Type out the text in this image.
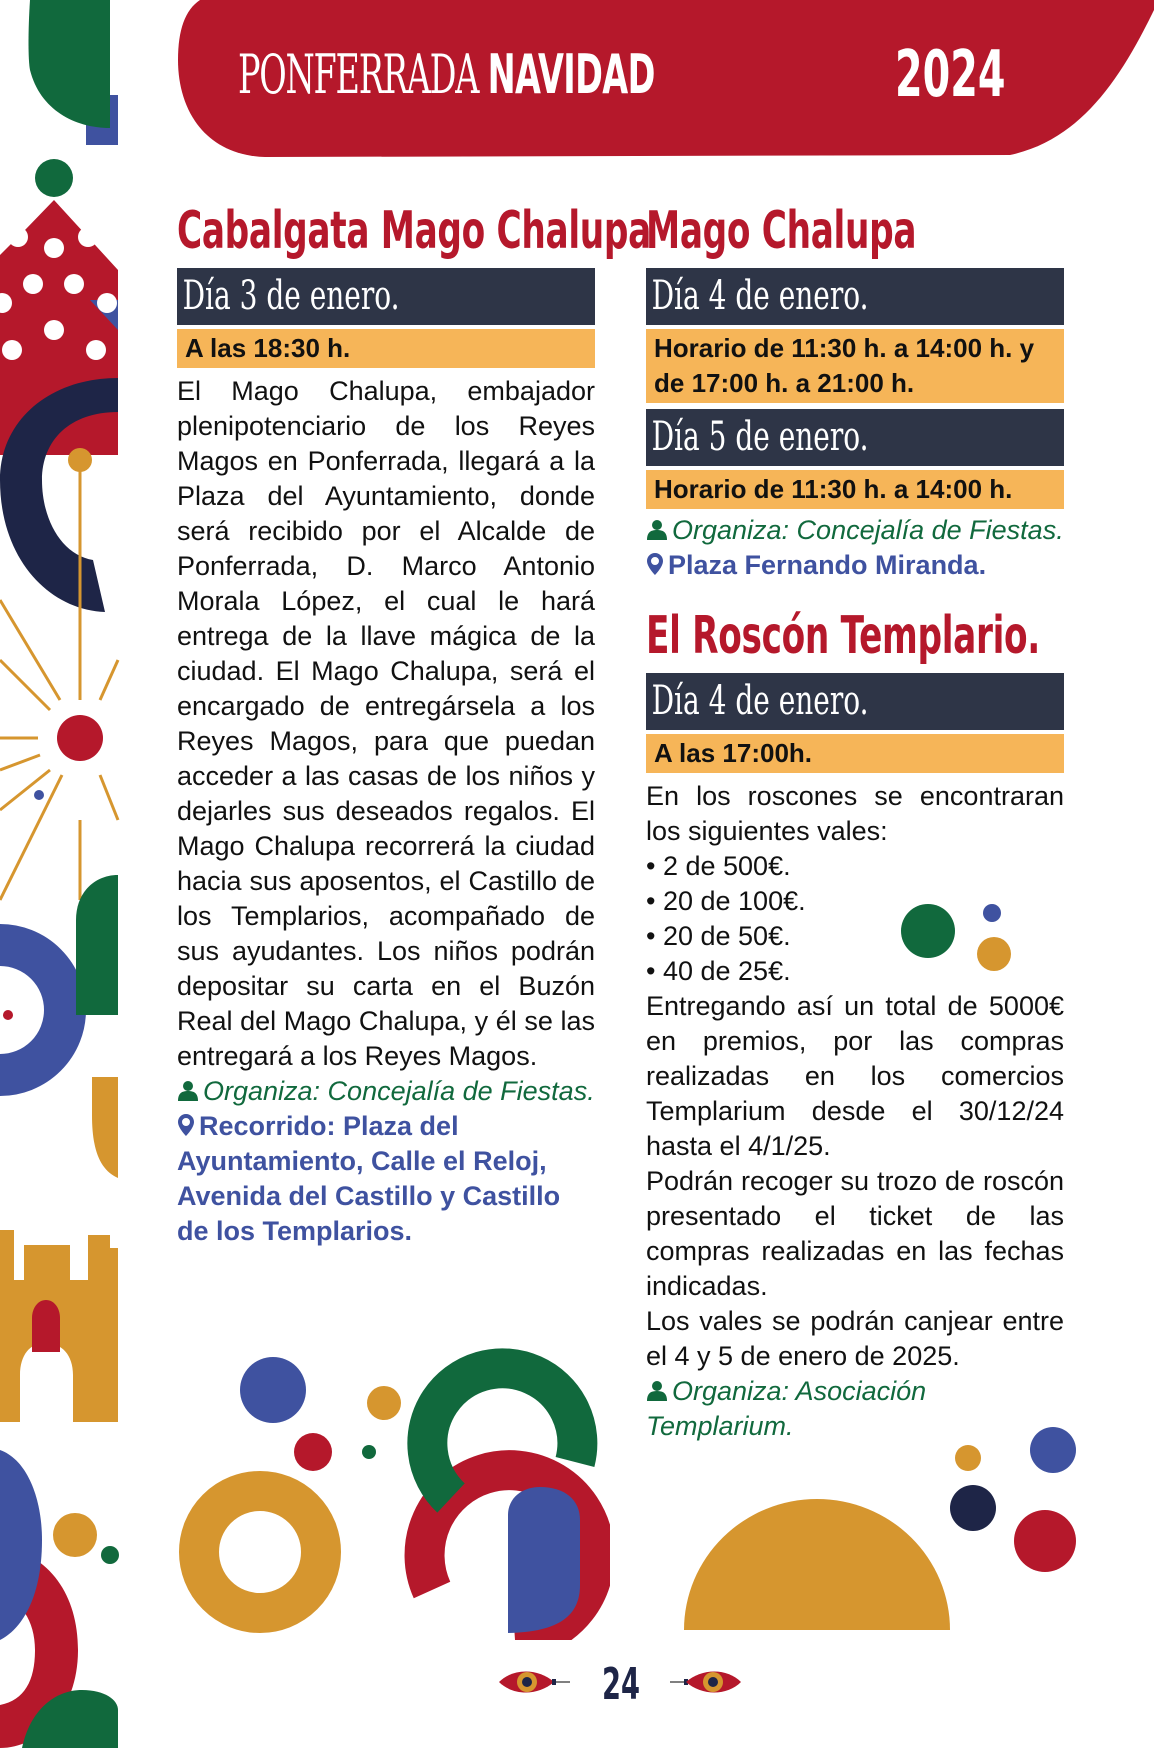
PONFERRADA NAVIDAD	2024
Cabalgata Mago Chalupa
Día 3 de enero.
A las 18:30 h.
El Mago Chalupa, embajador plenipotenciario de los Reyes Magos en Ponferrada, llegará a la Plaza del Ayuntamiento, donde será recibido por el Alcalde de Ponferrada, D. Marco Antonio Morala López, el cual le hará entrega de la llave mágica de la ciudad. El Mago Chalupa, será el encargado de entregársela a los Reyes Magos, para que puedan acceder a las casas de los niños y dejarles sus deseados regalos. El Mago Chalupa recorrerá la ciudad hacia sus aposentos, el Castillo de los Templarios, acompañado de sus ayudantes. Los niños podrán depositar su carta en el Buzón Real del Mago Chalupa, y él se las entregará a los Reyes Magos.
Organiza: Concejalía de Fiestas.
Recorrido: Plaza del Ayuntamiento, Calle el Reloj, Avenida del Castillo y Castillo de los Templarios.
Mago Chalupa
Día 4 de enero.
Horario de 11:30 h. a 14:00 h. y de 17:00 h. a 21:00 h.
Día 5 de enero.
Horario de 11:30 h. a 14:00 h.
Organiza: Concejalía de Fiestas.
Plaza Fernando Miranda.
El Roscón Templario.
Día 4 de enero.
A las 17:00h.

En los roscones se encontraran los siguientes vales:

• 2 de 500€.
• 20 de 100€.
• 20 de 50€.
• 40 de 25€.

Entregando así un total de 5000€ en premios, por las compras realizadas en los comercios Templarium desde el 30/12/24 hasta el 4/1/25.

Podrán recoger su trozo de roscón presentado el ticket de las compras realizadas en las fechas indicadas.

Los vales se podrán canjear entre el 4 y 5 de enero de 2025.

Organiza: Asociación Templarium.
24
